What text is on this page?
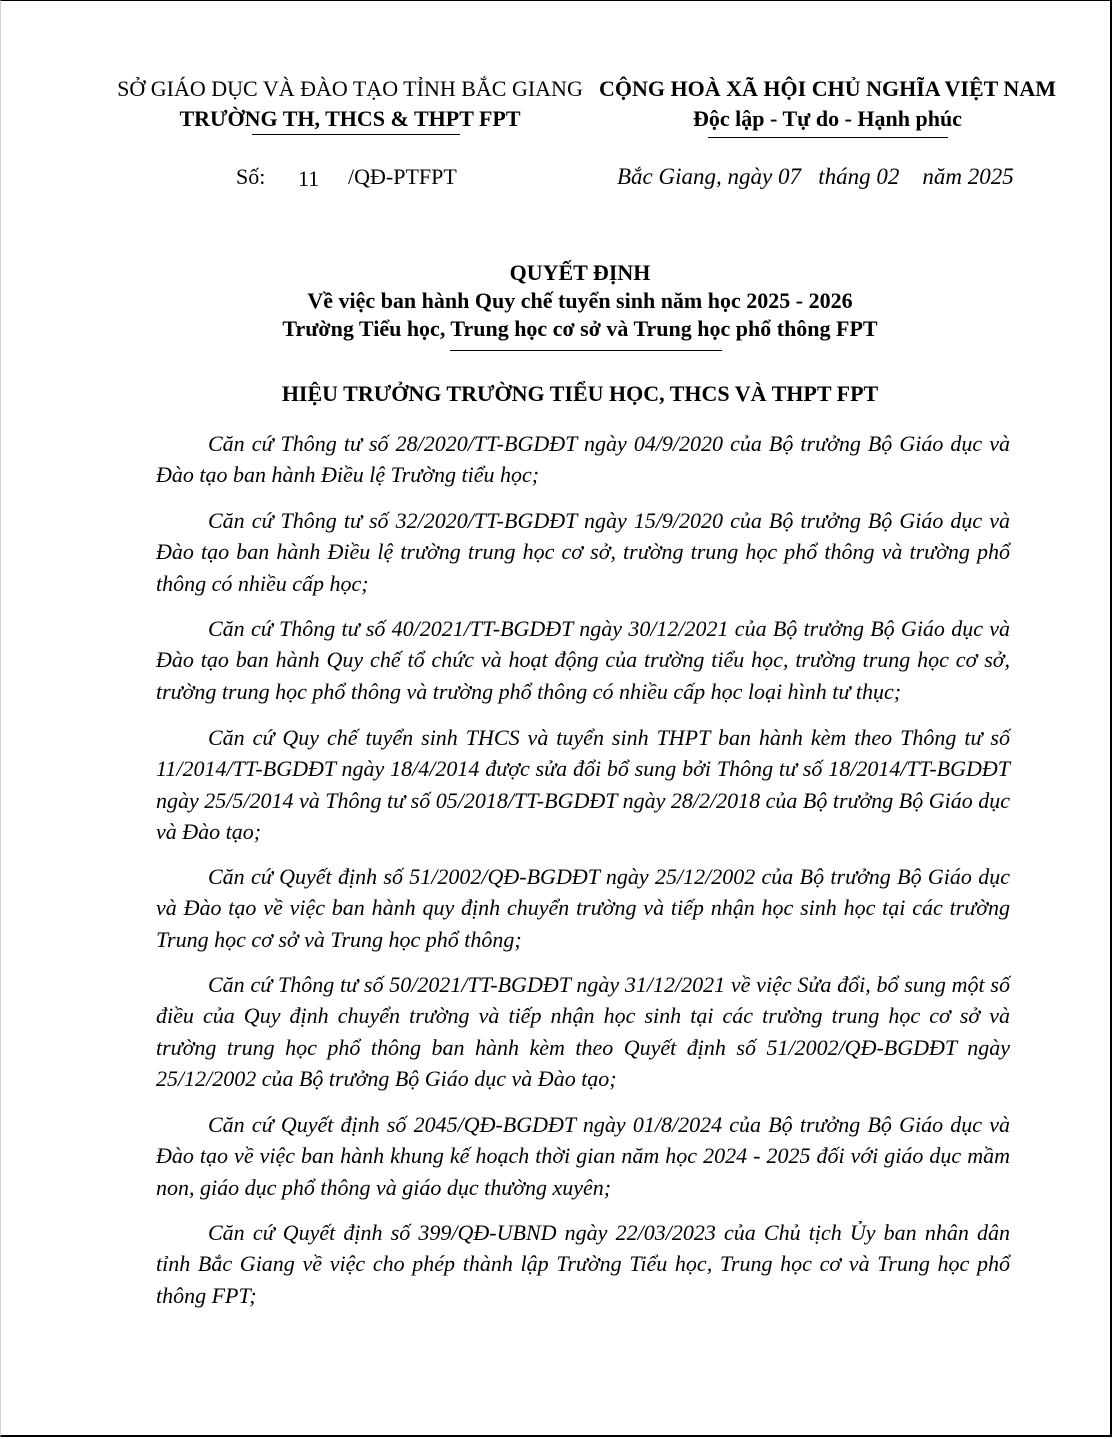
SỞ GIÁO DỤC VÀ ĐÀO TẠO TỈNH BẮC GIANG
TRƯỜNG TH, THCS & THPT FPT
CỘNG HOÀ XÃ HỘI CHỦ NGHĨA VIỆT NAM
Độc lập - Tự do - Hạnh phúc
Số: 11 /QĐ-PTFPT	Bắc Giang, ngày 07 tháng 02 năm 2025
QUYẾT ĐỊNH
Về việc ban hành Quy chế tuyển sinh năm học 2025 - 2026
Trường Tiểu học, Trung học cơ sở và Trung học phổ thông FPT
HIỆU TRƯỞNG TRƯỜNG TIỂU HỌC, THCS VÀ THPT FPT

Căn cứ Thông tư số 28/2020/TT-BGDĐT ngày 04/9/2020 của Bộ trưởng Bộ Giáo dục và Đào tạo ban hành Điều lệ Trường tiểu học;

Căn cứ Thông tư số 32/2020/TT-BGDĐT ngày 15/9/2020 của Bộ trưởng Bộ Giáo dục và Đào tạo ban hành Điều lệ trường trung học cơ sở, trường trung học phổ thông và trường phổ thông có nhiều cấp học;

Căn cứ Thông tư số 40/2021/TT-BGDĐT ngày 30/12/2021 của Bộ trưởng Bộ Giáo dục và Đào tạo ban hành Quy chế tổ chức và hoạt động của trường tiểu học, trường trung học cơ sở, trường trung học phổ thông và trường phổ thông có nhiều cấp học loại hình tư thục;

Căn cứ Quy chế tuyển sinh THCS và tuyển sinh THPT ban hành kèm theo Thông tư số 11/2014/TT-BGDĐT ngày 18/4/2014 được sửa đổi bổ sung bởi Thông tư số 18/2014/TT-BGDĐT ngày 25/5/2014 và Thông tư số 05/2018/TT-BGDĐT ngày 28/2/2018 của Bộ trưởng Bộ Giáo dục và Đào tạo;

Căn cứ Quyết định số 51/2002/QĐ-BGDĐT ngày 25/12/2002 của Bộ trưởng Bộ Giáo dục và Đào tạo về việc ban hành quy định chuyển trường và tiếp nhận học sinh học tại các trường Trung học cơ sở và Trung học phổ thông;

Căn cứ Thông tư số 50/2021/TT-BGDĐT ngày 31/12/2021 về việc Sửa đổi, bổ sung một số điều của Quy định chuyển trường và tiếp nhận học sinh tại các trường trung học cơ sở và trường trung học phổ thông ban hành kèm theo Quyết định số 51/2002/QĐ-BGDĐT ngày 25/12/2002 của Bộ trưởng Bộ Giáo dục và Đào tạo;

Căn cứ Quyết định số 2045/QĐ-BGDĐT ngày 01/8/2024 của Bộ trưởng Bộ Giáo dục và Đào tạo về việc ban hành khung kế hoạch thời gian năm học 2024 - 2025 đối với giáo dục mầm non, giáo dục phổ thông và giáo dục thường xuyên;

Căn cứ Quyết định số 399/QĐ-UBND ngày 22/03/2023 của Chủ tịch Ủy ban nhân dân tỉnh Bắc Giang về việc cho phép thành lập Trường Tiểu học, Trung học cơ và Trung học phổ thông FPT;
